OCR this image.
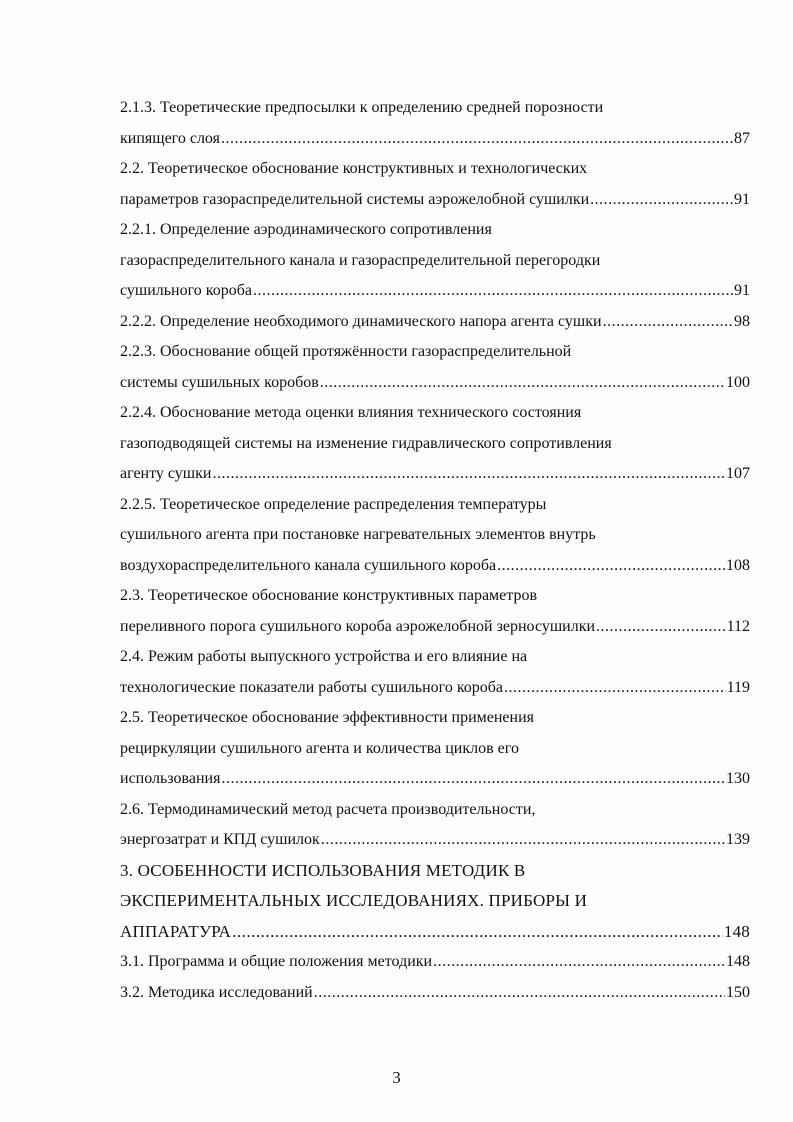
2.1.3. Теоретические предпосылки к определению средней порозности
кипящего слоя .....	87
2.2. Теоретическое обоснование конструктивных и технологических
параметров газораспределительной системы аэрожелобной сушилки .....	91
2.2.1. Определение аэродинамического сопротивления
газораспределительного канала и газораспределительной перегородки
сушильного короба .....	91
2.2.2. Определение необходимого динамического напора агента сушки .....	98
2.2.3. Обоснование общей протяжённости газораспределительной
системы сушильных коробов .....	100
2.2.4. Обоснование метода оценки влияния технического состояния
газоподводящей системы на изменение гидравлического сопротивления
агенту сушки .....	107
2.2.5. Теоретическое определение распределения температуры
сушильного агента при постановке нагревательных элементов внутрь
воздухораспределительного канала сушильного короба .....	108
2.3. Теоретическое обоснование конструктивных параметров
переливного порога сушильного короба аэрожелобной зерносушилки .....	112
2.4. Режим работы выпускного устройства и его влияние на
технологические показатели работы сушильного короба .....	119
2.5. Теоретическое обоснование эффективности применения
рециркуляции сушильного агента и количества циклов его
использования .....	130
2.6. Термодинамический метод расчета производительности,
энергозатрат и КПД сушилок .....	139
3. ОСОБЕННОСТИ ИСПОЛЬЗОВАНИЯ МЕТОДИК В
ЭКСПЕРИМЕНТАЛЬНЫХ ИССЛЕДОВАНИЯХ. ПРИБОРЫ И
АППАРАТУРА .....	148
3.1. Программа и общие положения методики .....	148
3.2. Методика исследований .....	150
3
